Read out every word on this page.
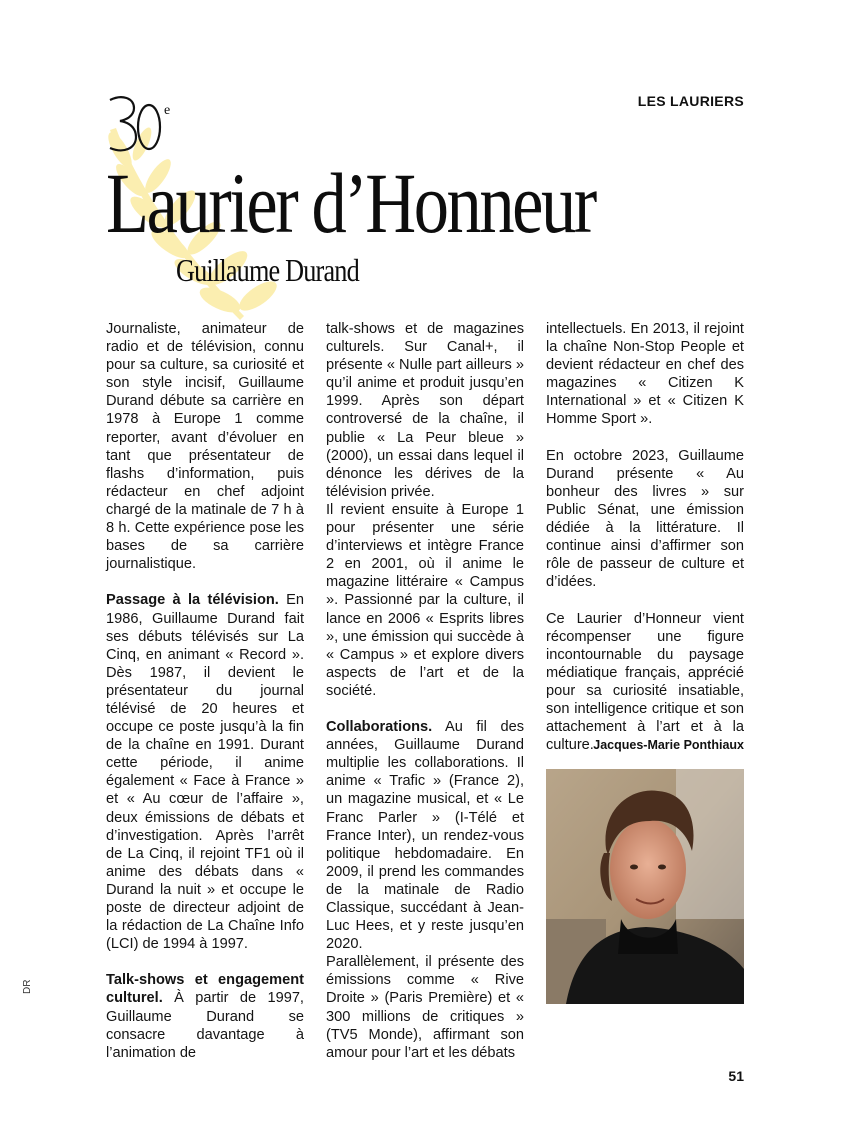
e
LES LAURIERS
Laurier d’Honneur
Guillaume Durand

Journaliste, animateur de radio et de télévision, connu pour sa culture, sa curiosité et son style incisif, Guillaume Durand débute sa carrière en 1978 à Europe 1 comme reporter, avant d’évoluer en tant que présentateur de flashs d’information, puis rédacteur en chef adjoint chargé de la matinale de 7 h à 8 h. Cette expérience pose les bases de sa carrière journalistique.

Passage à la télévision. En 1986, Guillaume Durand fait ses débuts télévisés sur La Cinq, en animant « Record ». Dès 1987, il devient le présentateur du journal télévisé de 20 heures et occupe ce poste jusqu’à la fin de la chaîne en 1991. Durant cette période, il anime également « Face à France » et « Au cœur de l’affaire », deux émissions de débats et d’investigation. Après l’arrêt de La Cinq, il rejoint TF1 où il anime des débats dans « Durand la nuit » et occupe le poste de directeur adjoint de la rédaction de La Chaîne Info (LCI) de 1994 à 1997.

Talk-shows et engagement culturel. À partir de 1997, Guillaume Durand se consacre davantage à l’animation de

talk-shows et de magazines culturels. Sur Canal+, il présente « Nulle part ailleurs » qu’il anime et produit jusqu’en 1999. Après son départ controversé de la chaîne, il publie « La Peur bleue » (2000), un essai dans lequel il dénonce les dérives de la télévision privée.

Il revient ensuite à Europe 1 pour présenter une série d’interviews et intègre France 2 en 2001, où il anime le magazine littéraire « Campus ». Passionné par la culture, il lance en 2006 « Esprits libres », une émission qui succède à « Campus » et explore divers aspects de l’art et de la société.

Collaborations. Au fil des années, Guillaume Durand multiplie les collaborations. Il anime « Trafic » (France 2), un magazine musical, et « Le Franc Parler » (I-Télé et France Inter), un rendez-vous politique hebdomadaire. En 2009, il prend les commandes de la matinale de Radio Classique, succédant à Jean-Luc Hees, et y reste jusqu’en 2020.

Parallèlement, il présente des émissions comme « Rive Droite » (Paris Première) et « 300 millions de critiques » (TV5 Monde), affirmant son amour pour l’art et les débats

intellectuels. En 2013, il rejoint la chaîne Non-Stop People et devient rédacteur en chef des magazines « Citizen K International » et « Citizen K Homme Sport ».

En octobre 2023, Guillaume Durand présente « Au bonheur des livres » sur Public Sénat, une émission dédiée à la littérature. Il continue ainsi d’affirmer son rôle de passeur de culture et d’idées.

Ce Laurier d’Honneur vient récompenser une figure incontournable du paysage médiatique français, apprécié pour sa curiosité insatiable, son intelligence critique et son attachement à l’art et à la culture. Jacques-Marie Ponthiaux
DR
51
